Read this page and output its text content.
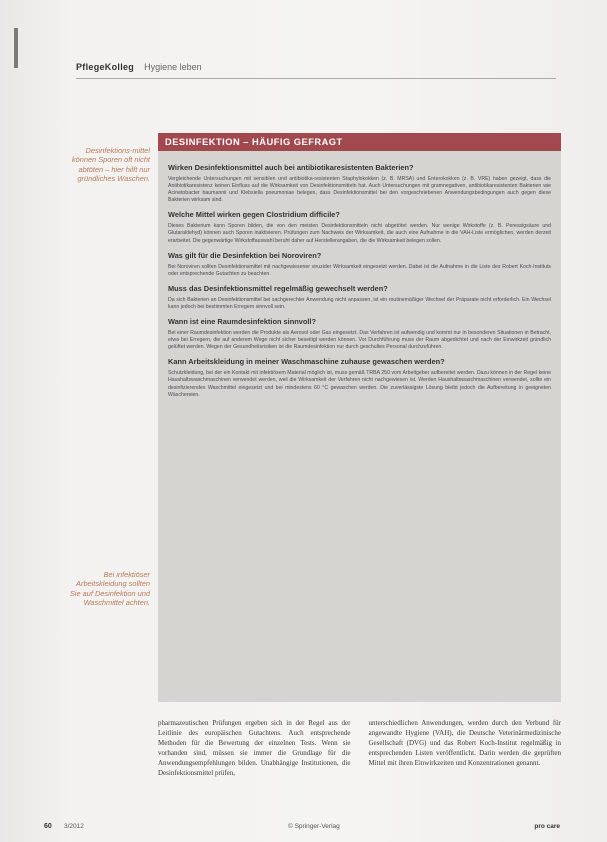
PflegeKolleg Hygiene leben
Desinfektions-mittel können Sporen oft nicht abtöten – hier hilft nur gründliches Waschen.
Bei infektiöser Arbeitskleidung sollten Sie auf Desinfektion und Waschmittel achten.
DESINFEKTION – HÄUFIG GEFRAGT
Wirken Desinfektionsmittel auch bei antibiotikaresistenten Bakterien?

Vergleichende Untersuchungen mit sensiblen und antibiotika-resistenten Staphylokokken (z. B. MRSA) und Enterokokken (z. B. VRE) haben gezeigt, dass die Antibiotikaresistenz keinen Einfluss auf die Wirksamkeit von Desinfektionsmitteln hat. Auch Untersuchungen mit gramnegativen, antibiotikaresistenten Bakterien wie Acinetobacter baumannii und Klebsiella pneumoniae belegen, dass Desinfektionsmittel bei den vorgeschriebenen Anwendungsbedingungen auch gegen diese Bakterien wirksam sind.

Welche Mittel wirken gegen Clostridium difficile?

Dieses Bakterium kann Sporen bilden, die von den meisten Desinfektionsmitteln nicht abgetötet werden. Nur wenige Wirkstoffe (z. B. Peressigsäure und Glutaraldehyd) können auch Sporen inaktivieren. Prüfungen zum Nachweis der Wirksamkeit, die auch eine Aufnahme in die VAH-Liste ermöglichen, werden derzeit erarbeitet. Die gegenwärtige Wirkstoffauswahl beruht daher auf Herstellerangaben, die die Wirksamkeit belegen sollen.

Was gilt für die Desinfektion bei Noroviren?

Bei Noroviren sollten Desinfektionsmittel mit nachgewiesener viruzider Wirksamkeit eingesetzt werden. Dabei ist die Aufnahme in die Liste des Robert Koch-Instituts oder entsprechende Gutachten zu beachten.

Muss das Desinfektionsmittel regelmäßig gewechselt werden?

Da sich Bakterien an Desinfektionsmittel bei sachgerechter Anwendung nicht anpassen, ist ein routinemäßiger Wechsel der Präparate nicht erforderlich. Ein Wechsel kann jedoch bei bestimmten Erregern sinnvoll sein.

Wann ist eine Raumdesinfektion sinnvoll?

Bei einer Raumdesinfektion werden die Produkte als Aerosol oder Gas eingesetzt. Das Verfahren ist aufwendig und kommt nur in besonderen Situationen in Betracht, etwa bei Erregern, die auf anderem Wege nicht sicher beseitigt werden können. Vor Durchführung muss der Raum abgedichtet und nach der Einwirkzeit gründlich gelüftet werden. Wegen der Gesundheitsrisiken ist die Raumdesinfektion nur durch geschultes Personal durchzuführen.

Kann Arbeitskleidung in meiner Waschmaschine zuhause gewaschen werden?

Schutzkleidung, bei der ein Kontakt mit infektiösem Material möglich ist, muss gemäß TRBA 250 vom Arbeitgeber aufbereitet werden. Dazu können in der Regel keine Haushaltswaschmaschinen verwendet werden, weil die Wirksamkeit der Verfahren nicht nachgewiesen ist. Werden Haushaltswaschmaschinen verwendet, sollte ein desinfizierendes Waschmittel eingesetzt und bei mindestens 60 °C gewaschen werden. Die zuverlässigste Lösung bleibt jedoch die Aufbereitung in geeigneten Wäschereien.

pharmazeutischen Prüfungen ergeben sich in der Regel aus der Leitlinie des europäischen Gutachtens. Auch entsprechende Methoden für die Bewertung der einzelnen Tests. Wenn sie vorhanden sind, müssen sie immer die Grundlage für die Anwendungsempfehlungen bilden. Unabhängige Institutionen, die Desinfektionsmittel prüfen,
unterschiedlichen Anwendungen, werden durch den Verbund für angewandte Hygiene (VAH), die Deutsche Veterinärmedizinische Gesellschaft (DVG) und das Robert Koch-Institut regelmäßig in entsprechenden Listen veröffentlicht. Darin werden die geprüften Mittel mit ihren Einwirkzeiten und Konzentrationen genannt.
60 3/2012	© Springer-Verlag	pro care
